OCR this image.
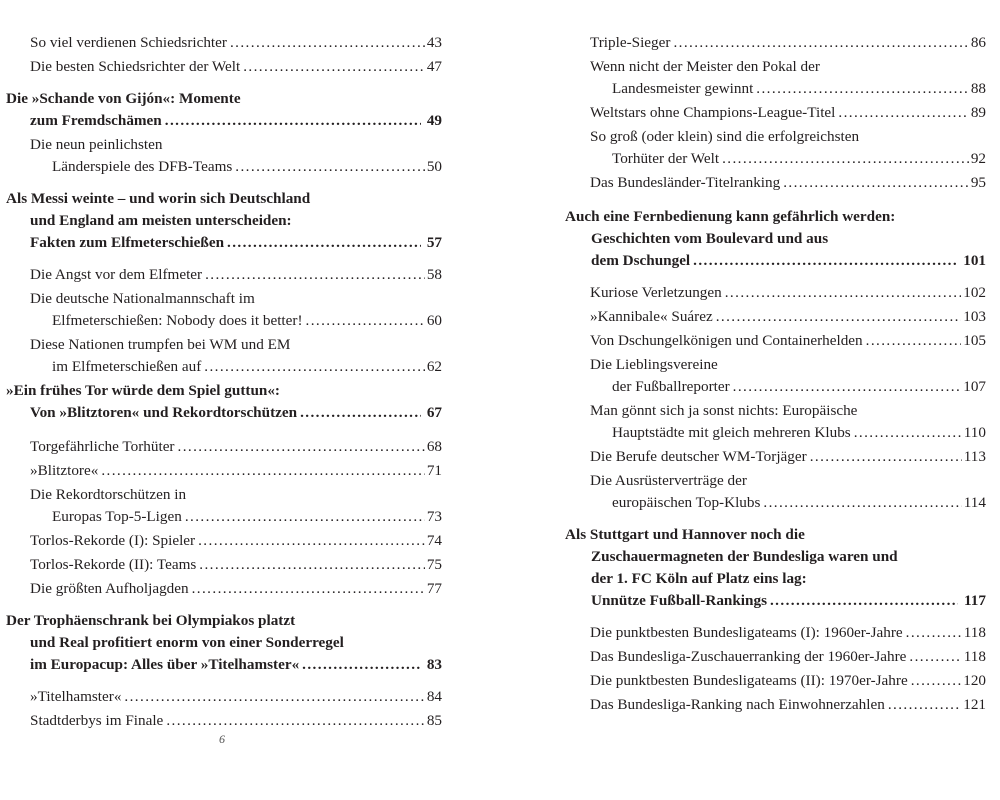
So viel verdienen Schiedsrichter . . .	43
Die besten Schiedsrichter der Welt . . .	47
Die »Schande von Gijón«: Momente
zum Fremdschämen . . .	49
Die neun peinlichsten
Länderspiele des DFB-Teams . . .	50
Als Messi weinte – und worin sich Deutschland
und England am meisten unterscheiden:
Fakten zum Elfmeterschießen . . .	57
Die Angst vor dem Elfmeter . . .	58
Die deutsche Nationalmannschaft im
Elfmeterschießen: Nobody does it better! . . .	60
Diese Nationen trumpfen bei WM und EM
im Elfmeterschießen auf . . .	62
»Ein frühes Tor würde dem Spiel guttun«:
Von »Blitztoren« und Rekordtorschützen . . .	67
Torgefährliche Torhüter . . .	68
»Blitztore« . . .	71
Die Rekordtorschützen in
Europas Top-5-Ligen . . .	73
Torlos-Rekorde (I): Spieler . . .	74
Torlos-Rekorde (II): Teams . . .	75
Die größten Aufholjagden . . .	77
Der Trophäenschrank bei Olympiakos platzt
und Real profitiert enorm von einer Sonderregel
im Europacup: Alles über »Titelhamster« . . .	83
»Titelhamster« . . .	84
Stadtderbys im Finale . . .	85
6
Triple-Sieger . . .	86
Wenn nicht der Meister den Pokal der
Landesmeister gewinnt . . .	88
Weltstars ohne Champions-League-Titel . . .	89
So groß (oder klein) sind die erfolgreichsten
Torhüter der Welt . . .	92
Das Bundesländer-Titelranking . . .	95
Auch eine Fernbedienung kann gefährlich werden:
Geschichten vom Boulevard und aus
dem Dschungel . . .	101
Kuriose Verletzungen . . .	102
»Kannibale« Suárez . . .	103
Von Dschungelkönigen und Containerhelden . . .	105
Die Lieblingsvereine
der Fußballreporter . . .	107
Man gönnt sich ja sonst nichts: Europäische
Hauptstädte mit gleich mehreren Klubs . . .	110
Die Berufe deutscher WM-Torjäger . . .	113
Die Ausrüsterverträge der
europäischen Top-Klubs . . .	114
Als Stuttgart und Hannover noch die
Zuschauermagneten der Bundesliga waren und
der 1. FC Köln auf Platz eins lag:
Unnütze Fußball-Rankings . . .	117
Die punktbesten Bundesligateams (I): 1960er-Jahre . . .	118
Das Bundesliga-Zuschauerranking der 1960er-Jahre . . .	118
Die punktbesten Bundesligateams (II): 1970er-Jahre . . .	120
Das Bundesliga-Ranking nach Einwohnerzahlen . . .	121
